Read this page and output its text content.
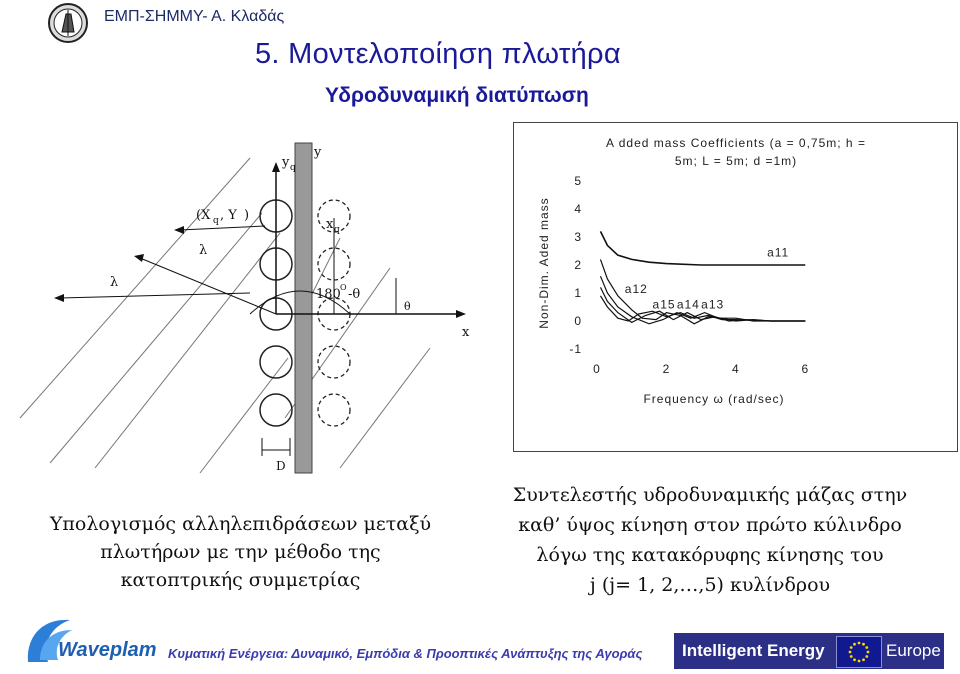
ΕΜΠ-ΣΗΜΜΥ- Α. Κλαδάς
5. Μοντελοποίηση πλωτήρα
Υδροδυναμική διατύπωση
y q
y
x q
(X q , Y )
λ
λ
180 O -θ
θ
x
D
A dded mass Coefficients (a = 0,75m; h =
5m; L = 5m; d =1m)
Non-Dim. Aded mass
Frequency ω (rad/sec)
5
4
3
2
1
0
-1
0	2	4	6
a11
a12
a15 a14 a13
Υπολογισμός αλληλεπιδράσεων μεταξύ
πλωτήρων με την μέθοδο της
κατοπτρικής συμμετρίας
Συντελεστής υδροδυναμικής μάζας στην
καθ’ ύψος κίνηση στον πρώτο κύλινδρο
λόγω της κατακόρυφης κίνησης του
j (j= 1, 2,…,5) κυλίνδρου
Waveplam Κυματική Ενέργεια: Δυναμικό, Εμπόδια & Προοπτικές Ανάπτυξης της Αγοράς Intelligent Energy	Europe
